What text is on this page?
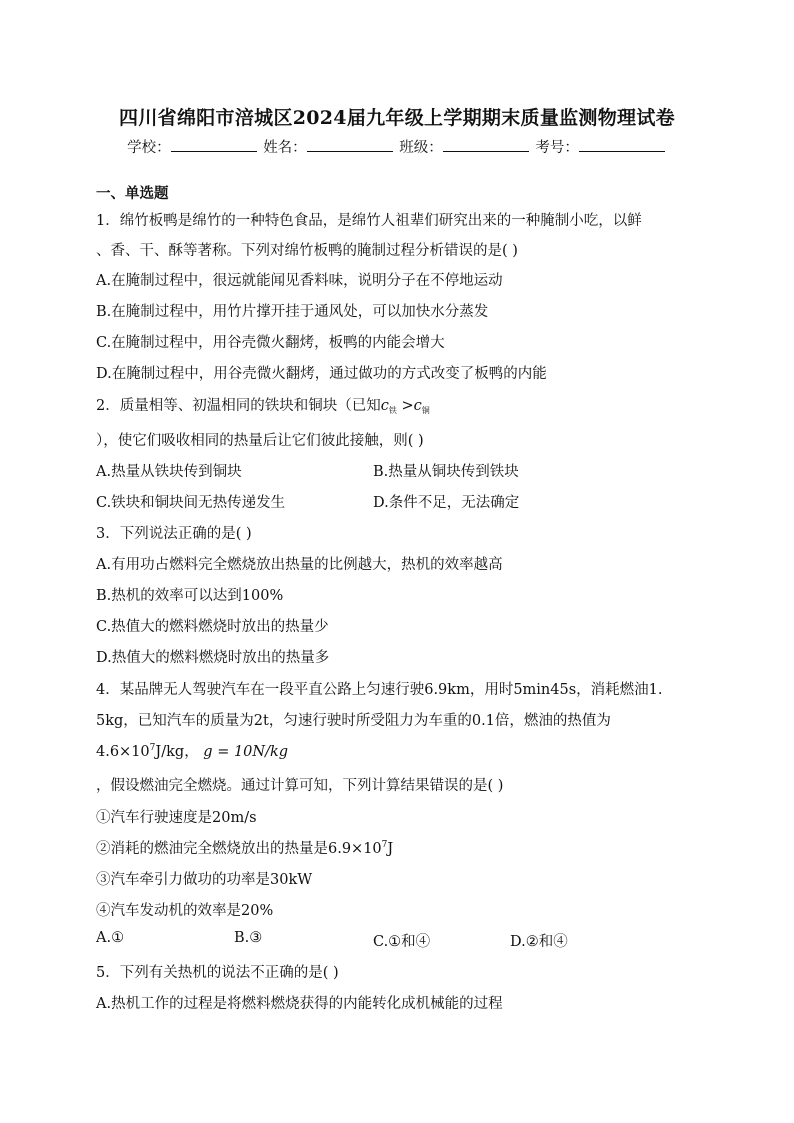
四川省绵阳市涪城区2024届九年级上学期期末质量监测物理试卷
学校：	姓名：	班级：	考号：
一、单选题
1．绵竹板鸭是绵竹的一种特色食品，是绵竹人祖辈们研究出来的一种腌制小吃，以鲜
、香、干、酥等著称。下列对绵竹板鸭的腌制过程分析错误的是( )
A.在腌制过程中，很远就能闻见香料味，说明分子在不停地运动
B.在腌制过程中，用竹片撑开挂于通风处，可以加快水分蒸发
C.在腌制过程中，用谷壳微火翻烤，板鸭的内能会增大
D.在腌制过程中，用谷壳微火翻烤，通过做功的方式改变了板鸭的内能
2．质量相等、初温相同的铁块和铜块（已知$c_铁 >c_铜$
），使它们吸收相同的热量后让它们彼此接触，则( )
A.热量从铁块传到铜块	B.热量从铜块传到铁块
C.铁块和铜块间无热传递发生	D.条件不足，无法确定
3．下列说法正确的是( )
A.有用功占燃料完全燃烧放出热量的比例越大，热机的效率越高
B.热机的效率可以达到100%
C.热值大的燃料燃烧时放出的热量少
D.热值大的燃料燃烧时放出的热量多
4．某品牌无人驾驶汽车在一段平直公路上匀速行驶6.9km，用时5min45s，消耗燃油1.
5kg，已知汽车的质量为2t，匀速行驶时所受阻力为车重的0.1倍，燃油的热值为
$4.6\times 10^7J/kg$， g = 10N/kg
，假设燃油完全燃烧。通过计算可知，下列计算结果错误的是( )
①汽车行驶速度是20m/s
②消耗的燃油完全燃烧放出的热量是$6.9\times 10^7J$
③汽车牵引力做功的功率是30kW
④汽车发动机的效率是20%
A.①	B.③	C.①和④	D.②和④
5．下列有关热机的说法不正确的是( )
A.热机工作的过程是将燃料燃烧获得的内能转化成机械能的过程
